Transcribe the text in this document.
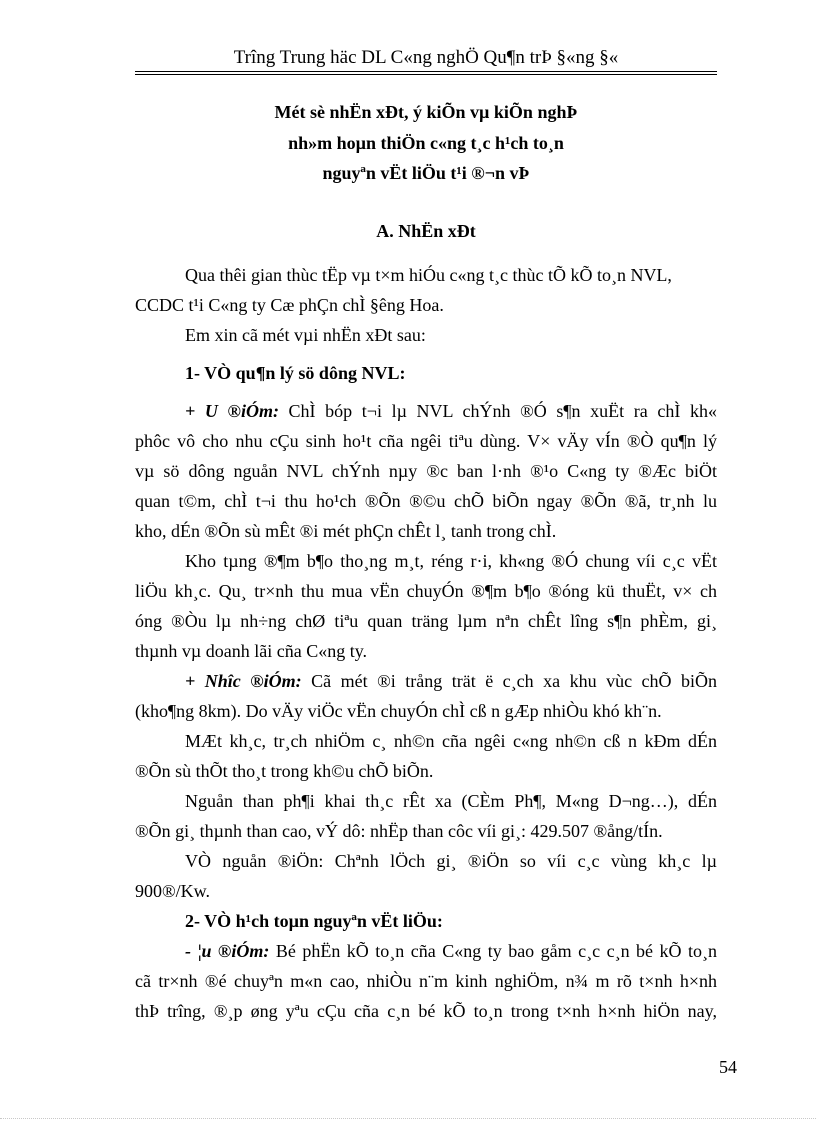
Trîng Trung häc DL C«ng nghÖ Qu¶n trÞ §«ng §«
Mét sè nhËn xÐt, ý kiÕn vµ kiÕn nghÞ
nh»m hoµn thiÖn c«ng t¸c h¹ch to¸n
nguyªn vËt liÖu t¹i ®¬n vÞ
A. NhËn xÐt
Qua thêi gian thùc tËp vµ t×m hiÓu c«ng t¸c thùc tÕ kÕ to¸n NVL,
CCDC t¹i C«ng ty Cæ phÇn chÌ §êng Hoa.
Em xin cã mét vµi nhËn xÐt sau:
1- VÒ qu¶n lý sö dông NVL:
+ U ®iÓm: ChÌ bóp t¬i lµ NVL chÝnh ®Ó s¶n xuËt ra chÌ kh«
phôc vô cho nhu cÇu sinh ho¹t cña ngêi tiªu dùng. V× vÄy vÍn ®Ò qu¶n lý
vµ sö dông nguån NVL chÝnh nµy ®c ban l·nh ®¹o C«ng ty ®Æc biÖt
quan t©m, chÌ t¬i thu ho¹ch ®Õn ®©u chÕ biÕn ngay ®Õn ®ã, tr¸nh lu
kho, dÉn ®Õn sù mÊt ®i mét phÇn chÊt l¸ tanh trong chÌ.
Kho tµng ®¶m b¶o tho¸ng m¸t, réng r·i, kh«ng ®Ó chung víi c¸c vËt
liÖu kh¸c. Qu¸ tr×nh thu mua vËn chuyÓn ®¶m b¶o ®óng kü thuËt, v× ch
óng ®Òu lµ nh÷ng chØ tiªu quan träng lµm nªn chÊt lîng s¶n phÈm, gi¸
thµnh vµ doanh lãi cña C«ng ty.
+ Nhîc ®iÓm: Cã mét ®i trång trät ë c¸ch xa khu vùc chÕ biÕn
(kho¶ng 8km). Do vÄy viÖc vËn chuyÓn chÌ cß n gÆp nhiÒu khó kh¨n.
MÆt kh¸c, tr¸ch nhiÖm c¸ nh©n cña ngêi c«ng nh©n cß n kÐm dÉn
®Õn sù thÕt tho¸t trong kh©u chÕ biÕn.
Nguån than ph¶i khai th¸c rÊt xa (CÈm Ph¶, M«ng D¬ng…), dÉn
®Õn gi¸ thµnh than cao, vÝ dô: nhËp than côc víi gi¸: 429.507 ®ång/tÍn.
VÒ nguån ®iÖn: Chªnh lÖch gi¸ ®iÖn so víi c¸c vùng kh¸c lµ
900®/Kw.
2- VÒ h¹ch toµn nguyªn vËt liÖu:
- ¦u ®iÓm: Bé phËn kÕ to¸n cña C«ng ty bao gåm c¸c c¸n bé kÕ to¸n
cã tr×nh ®é chuyªn m«n cao, nhiÒu n¨m kinh nghiÖm, n¾ m rõ t×nh h×nh
thÞ trîng, ®¸p øng yªu cÇu cña c¸n bé kÕ to¸n trong t×nh h×nh hiÖn nay,
54
